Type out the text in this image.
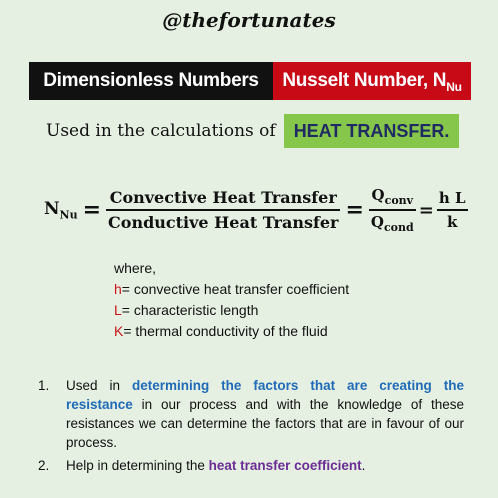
@thefortunates
Dimensionless Numbers	Nusselt Number, $N_{Nu}$
Used in the calculations of	HEAT TRANSFER.
$N_{Nu} = \frac{\text{Convective Heat Transfer}}{\text{Conductive Heat Transfer}} = \frac{Q_{conv}}{Q_{cond}} = \frac{\text{h L}}{k}$
where,
h= convective heat transfer coefficient
L= characteristic length
K= thermal conductivity of the fluid
1.	Used in determining the factors that are creating the resistance in our process and with the knowledge of these resistances we can determine the factors that are in favour of our process.
2.	Help in determining the heat transfer coefficient.
